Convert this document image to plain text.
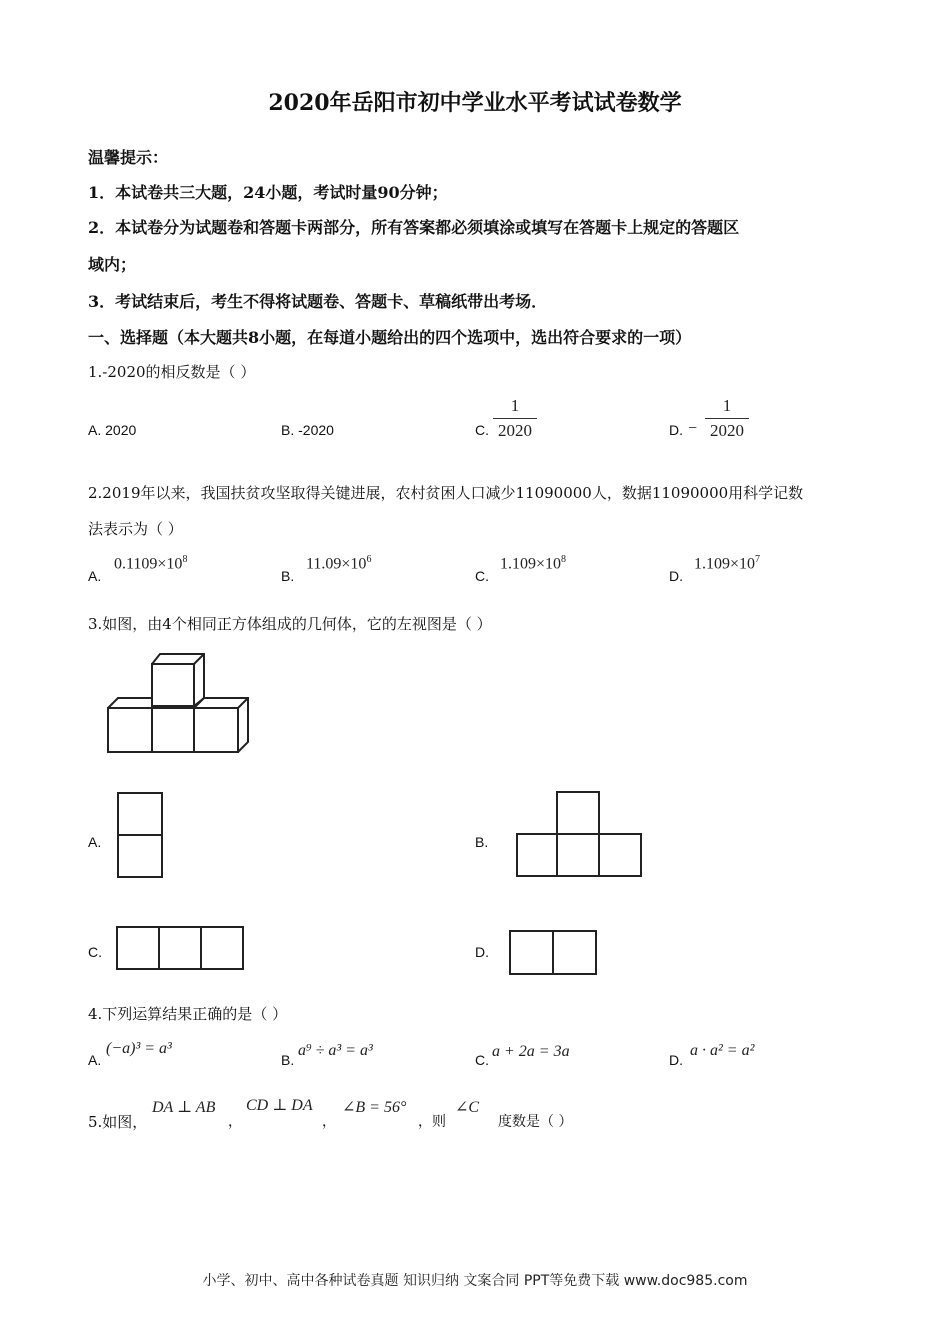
2020年岳阳市初中学业水平考试试卷数学
温馨提示：
1．本试卷共三大题，24小题，考试时量90分钟；
2．本试卷分为试题卷和答题卡两部分，所有答案都必须填涂或填写在答题卡上规定的答题区
域内；
3．考试结束后，考生不得将试题卷、答题卡、草稿纸带出考场．
一、选择题（本大题共8小题，在每道小题给出的四个选项中，选出符合要求的一项）
1.-2020的相反数是（ ）
A. 2020	B. -2020	C.
1
2020	D. −
1
2020
2.2019年以来，我国扶贫攻坚取得关键进展，农村贫困人口减少11090000人，数据11090000用科学记数
法表示为（ ）
A.
$0.1109\times 10^8$
B.
$11.09\times 10^6$
C.
$1.109\times 10^8$
D.
$1.109\times 10^7$
3.如图，由4个相同正方体组成的几何体，它的左视图是（ ）
A.	B.
C.	D.
4.下列运算结果正确的是（ ）
A.
(−a)³ = a³
B.
a⁹ ÷ a³ = a³
C. a + 2a = 3a	D.
a · a² = a²
5.如图，
DA ⊥ AB
，
CD ⊥ DA
，
∠B = 56°
，则
∠C
度数是（ ）
小学、初中、高中各种试卷真题 知识归纳 文案合同 PPT等免费下载 www.doc985.com
